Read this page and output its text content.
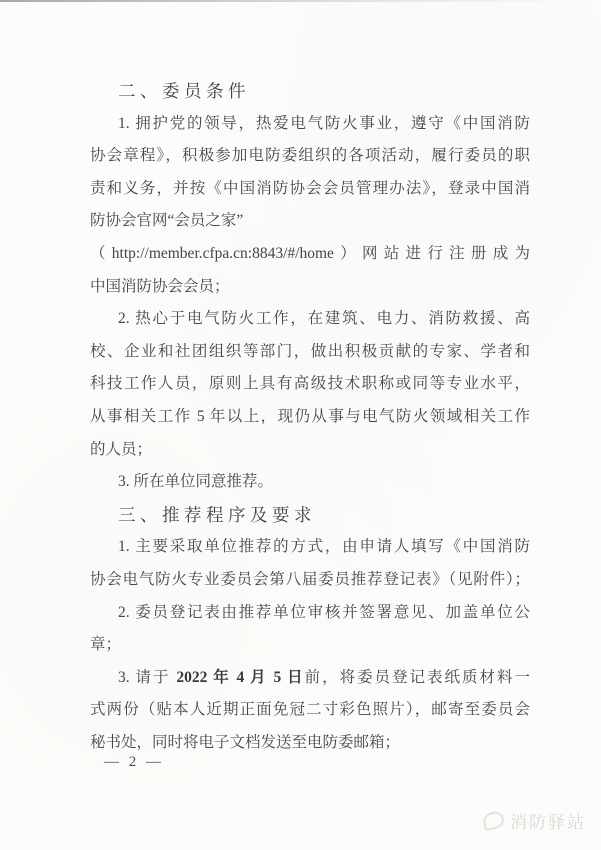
二、委员条件
1. 拥护党的领导，热爱电气防火事业，遵守《中国消防
协会章程》，积极参加电防委组织的各项活动，履行委员的职
责和义务，并按《中国消防协会会员管理办法》，登录中国消
防协会官网“会员之家”
（http://member.cfpa.cn:8843/#/home）网站进行注册成为
中国消防协会会员；
2. 热心于电气防火工作，在建筑、电力、消防救援、高
校、企业和社团组织等部门，做出积极贡献的专家、学者和
科技工作人员，原则上具有高级技术职称或同等专业水平，
从事相关工作 5 年以上，现仍从事与电气防火领域相关工作
的人员；
3. 所在单位同意推荐。
三、推荐程序及要求
1. 主要采取单位推荐的方式，由申请人填写《中国消防
协会电气防火专业委员会第八届委员推荐登记表》（见附件）；
2. 委员登记表由推荐单位审核并签署意见、加盖单位公
章；
3. 请于 2022 年 4 月 5 日前，将委员登记表纸质材料一
式两份（贴本人近期正面免冠二寸彩色照片），邮寄至委员会
秘书处，同时将电子文档发送至电防委邮箱；
— 2 —
消防驿站
